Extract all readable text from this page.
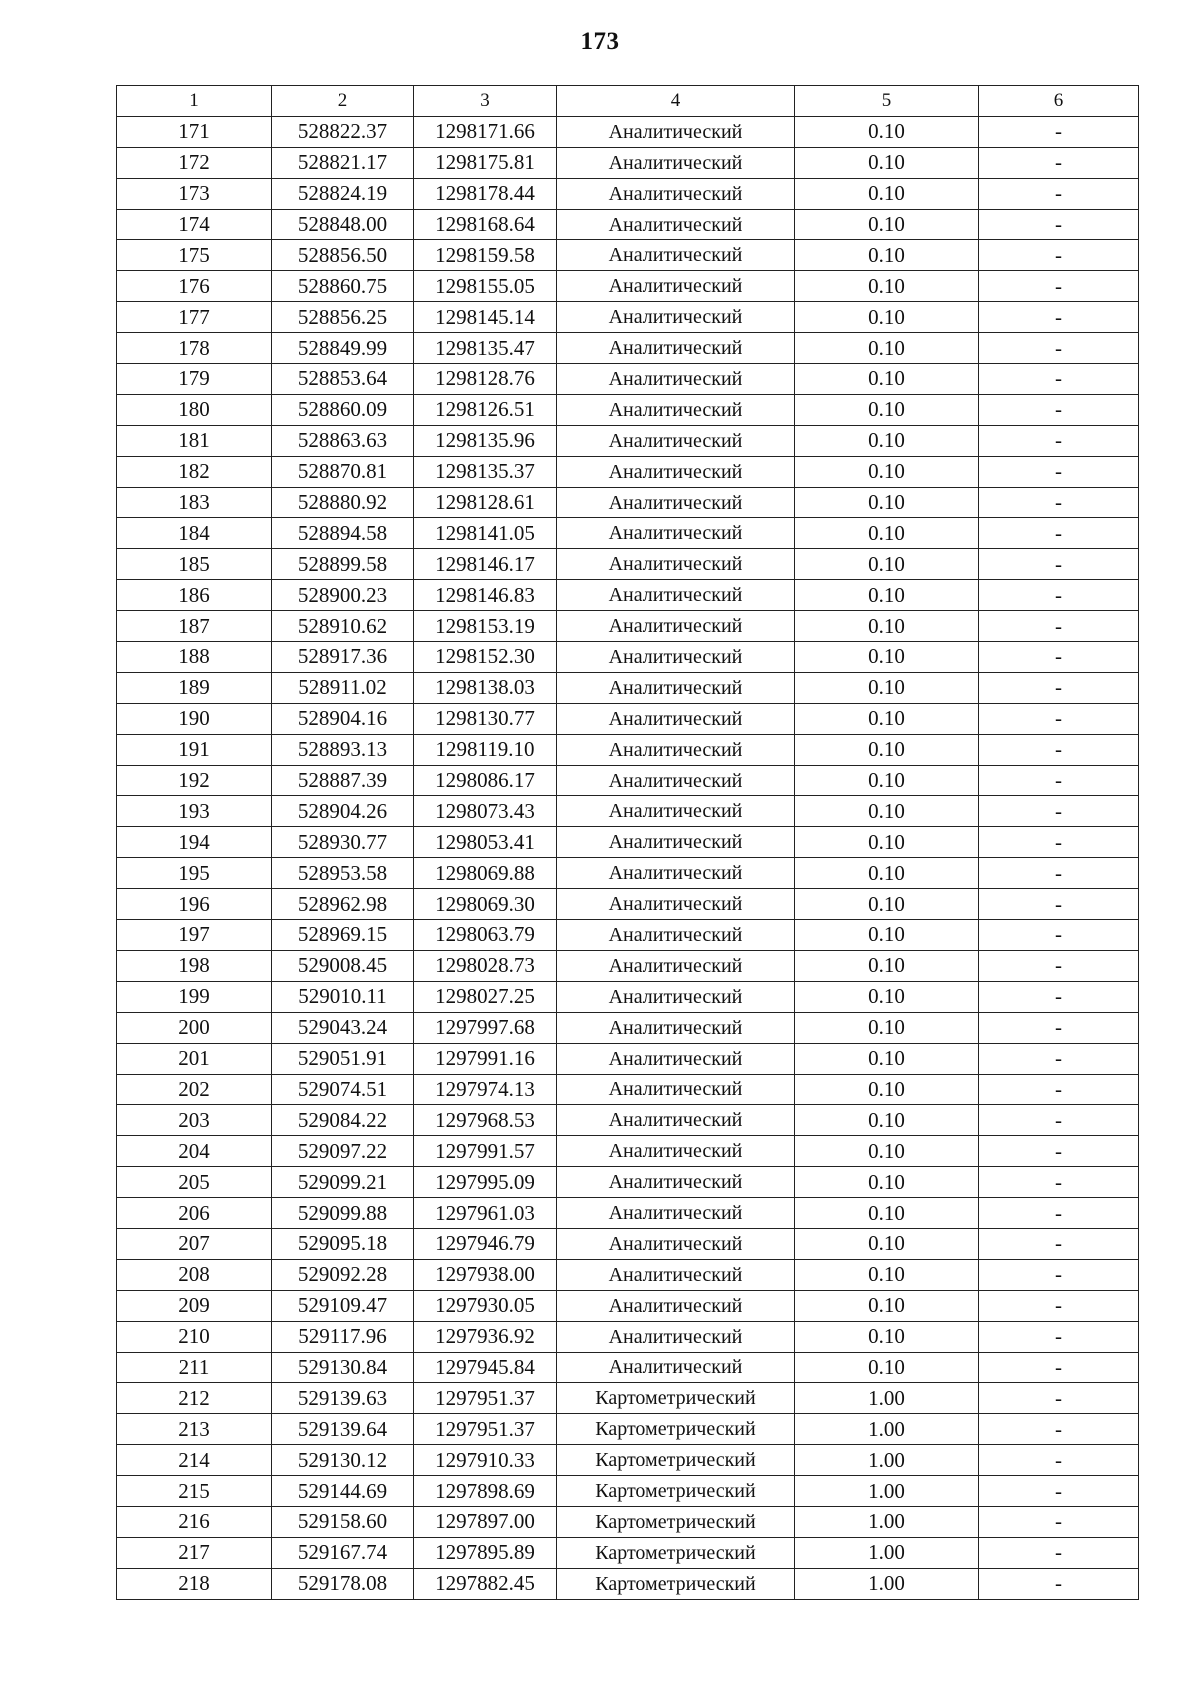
173
1	2	3	4	5	6
171	528822.37	1298171.66	Аналитический	0.10	-
172	528821.17	1298175.81	Аналитический	0.10	-
173	528824.19	1298178.44	Аналитический	0.10	-
174	528848.00	1298168.64	Аналитический	0.10	-
175	528856.50	1298159.58	Аналитический	0.10	-
176	528860.75	1298155.05	Аналитический	0.10	-
177	528856.25	1298145.14	Аналитический	0.10	-
178	528849.99	1298135.47	Аналитический	0.10	-
179	528853.64	1298128.76	Аналитический	0.10	-
180	528860.09	1298126.51	Аналитический	0.10	-
181	528863.63	1298135.96	Аналитический	0.10	-
182	528870.81	1298135.37	Аналитический	0.10	-
183	528880.92	1298128.61	Аналитический	0.10	-
184	528894.58	1298141.05	Аналитический	0.10	-
185	528899.58	1298146.17	Аналитический	0.10	-
186	528900.23	1298146.83	Аналитический	0.10	-
187	528910.62	1298153.19	Аналитический	0.10	-
188	528917.36	1298152.30	Аналитический	0.10	-
189	528911.02	1298138.03	Аналитический	0.10	-
190	528904.16	1298130.77	Аналитический	0.10	-
191	528893.13	1298119.10	Аналитический	0.10	-
192	528887.39	1298086.17	Аналитический	0.10	-
193	528904.26	1298073.43	Аналитический	0.10	-
194	528930.77	1298053.41	Аналитический	0.10	-
195	528953.58	1298069.88	Аналитический	0.10	-
196	528962.98	1298069.30	Аналитический	0.10	-
197	528969.15	1298063.79	Аналитический	0.10	-
198	529008.45	1298028.73	Аналитический	0.10	-
199	529010.11	1298027.25	Аналитический	0.10	-
200	529043.24	1297997.68	Аналитический	0.10	-
201	529051.91	1297991.16	Аналитический	0.10	-
202	529074.51	1297974.13	Аналитический	0.10	-
203	529084.22	1297968.53	Аналитический	0.10	-
204	529097.22	1297991.57	Аналитический	0.10	-
205	529099.21	1297995.09	Аналитический	0.10	-
206	529099.88	1297961.03	Аналитический	0.10	-
207	529095.18	1297946.79	Аналитический	0.10	-
208	529092.28	1297938.00	Аналитический	0.10	-
209	529109.47	1297930.05	Аналитический	0.10	-
210	529117.96	1297936.92	Аналитический	0.10	-
211	529130.84	1297945.84	Аналитический	0.10	-
212	529139.63	1297951.37	Картометрический	1.00	-
213	529139.64	1297951.37	Картометрический	1.00	-
214	529130.12	1297910.33	Картометрический	1.00	-
215	529144.69	1297898.69	Картометрический	1.00	-
216	529158.60	1297897.00	Картометрический	1.00	-
217	529167.74	1297895.89	Картометрический	1.00	-
218	529178.08	1297882.45	Картометрический	1.00	-
